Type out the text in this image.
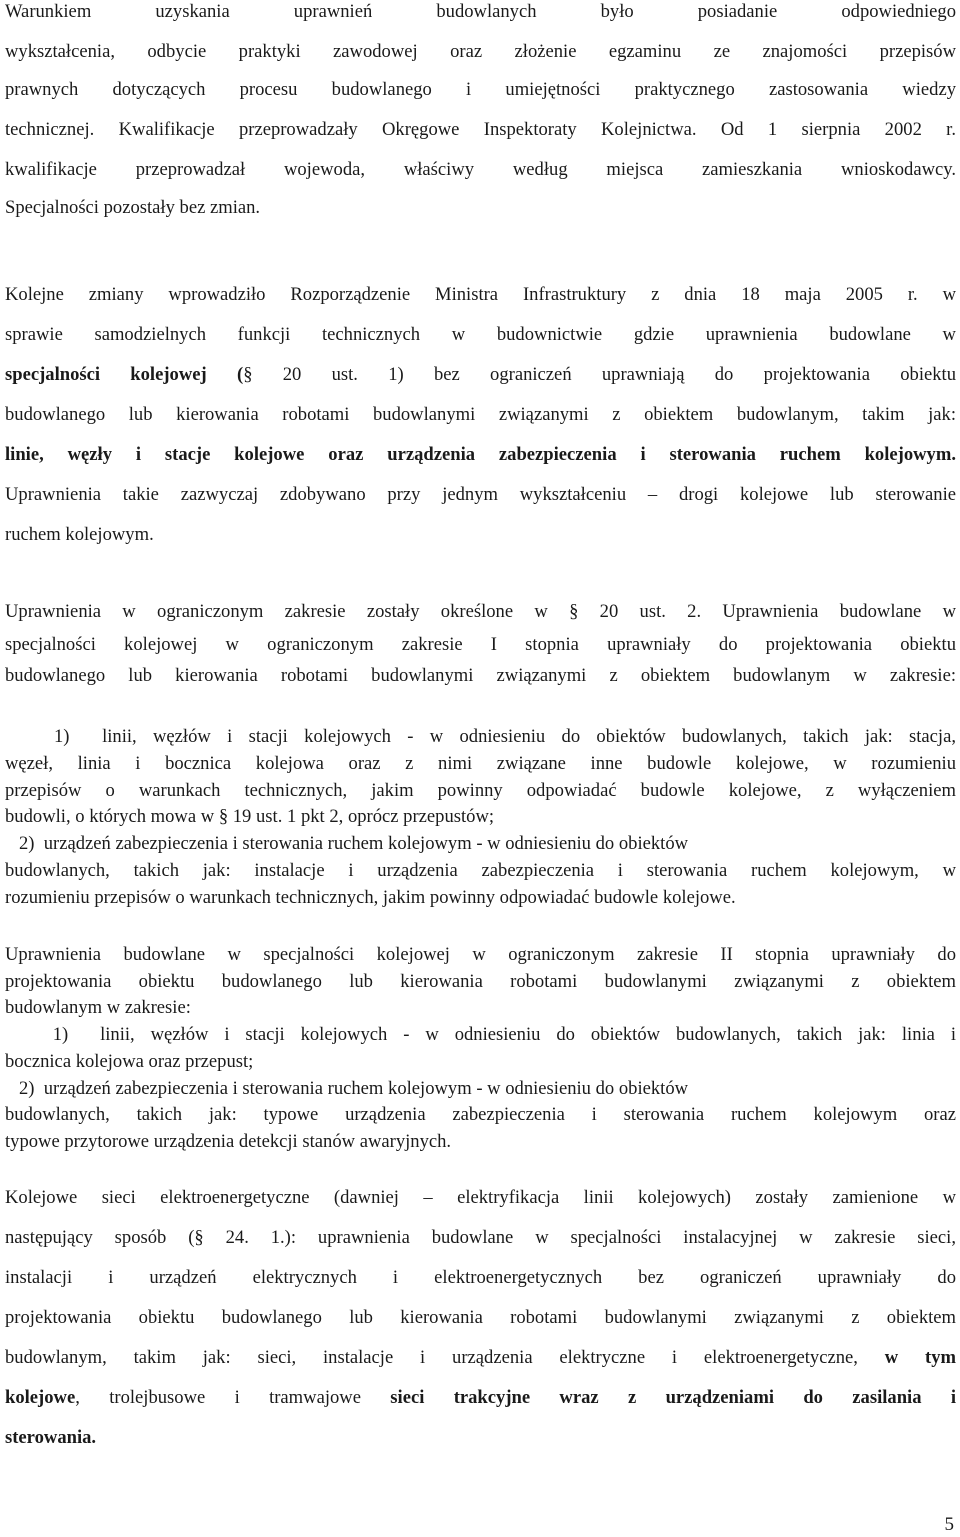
Warunkiem uzyskania uprawnień budowlanych było posiadanie odpowiedniego
wykształcenia, odbycie praktyki zawodowej oraz złożenie egzaminu ze znajomości przepisów
prawnych dotyczących procesu budowlanego i umiejętności praktycznego zastosowania wiedzy
technicznej. Kwalifikacje przeprowadzały Okręgowe Inspektoraty Kolejnictwa. Od 1 sierpnia 2002 r.
kwalifikacje przeprowadzał wojewoda, właściwy według miejsca zamieszkania wnioskodawcy.
Specjalności pozostały bez zmian.
Kolejne zmiany wprowadziło Rozporządzenie Ministra Infrastruktury z dnia 18 maja 2005 r. w
sprawie samodzielnych funkcji technicznych w budownictwie gdzie uprawnienia budowlane w
specjalności kolejowej (§ 20 ust. 1) bez ograniczeń uprawniają do projektowania obiektu
budowlanego lub kierowania robotami budowlanymi związanymi z obiektem budowlanym, takim jak:
linie, węzły i stacje kolejowe oraz urządzenia zabezpieczenia i sterowania ruchem kolejowym.
Uprawnienia takie zazwyczaj zdobywano przy jednym wykształceniu – drogi kolejowe lub sterowanie
ruchem kolejowym.
Uprawnienia w ograniczonym zakresie zostały określone w § 20 ust. 2. Uprawnienia budowlane w
specjalności kolejowej w ograniczonym zakresie I stopnia uprawniały do projektowania obiektu
budowlanego lub kierowania robotami budowlanymi związanymi z obiektem budowlanym w zakresie:
1)  linii, węzłów i stacji kolejowych - w odniesieniu do obiektów budowlanych, takich jak: stacja,
węzeł, linia i bocznica kolejowa oraz z nimi związane inne budowle kolejowe, w rozumieniu
przepisów o warunkach technicznych, jakim powinny odpowiadać budowle kolejowe, z wyłączeniem
budowli, o których mowa w § 19 ust. 1 pkt 2, oprócz przepustów;
2)  urządzeń zabezpieczenia i sterowania ruchem kolejowym - w odniesieniu do obiektów
budowlanych, takich jak: instalacje i urządzenia zabezpieczenia i sterowania ruchem kolejowym, w
rozumieniu przepisów o warunkach technicznych, jakim powinny odpowiadać budowle kolejowe.
Uprawnienia budowlane w specjalności kolejowej w ograniczonym zakresie II stopnia uprawniały do
projektowania obiektu budowlanego lub kierowania robotami budowlanymi związanymi z obiektem
budowlanym w zakresie:
1)  linii, węzłów i stacji kolejowych - w odniesieniu do obiektów budowlanych, takich jak: linia i
bocznica kolejowa oraz przepust;
2)  urządzeń zabezpieczenia i sterowania ruchem kolejowym - w odniesieniu do obiektów
budowlanych, takich jak: typowe urządzenia zabezpieczenia i sterowania ruchem kolejowym oraz
typowe przytorowe urządzenia detekcji stanów awaryjnych.
Kolejowe sieci elektroenergetyczne (dawniej – elektryfikacja linii kolejowych) zostały zamienione w
następujący sposób (§ 24. 1.): uprawnienia budowlane w specjalności instalacyjnej w zakresie sieci,
instalacji i urządzeń elektrycznych i elektroenergetycznych bez ograniczeń uprawniały do
projektowania obiektu budowlanego lub kierowania robotami budowlanymi związanymi z obiektem
budowlanym, takim jak: sieci, instalacje i urządzenia elektryczne i elektroenergetyczne, w tym
kolejowe, trolejbusowe i tramwajowe sieci trakcyjne wraz z urządzeniami do zasilania i
sterowania.
5
